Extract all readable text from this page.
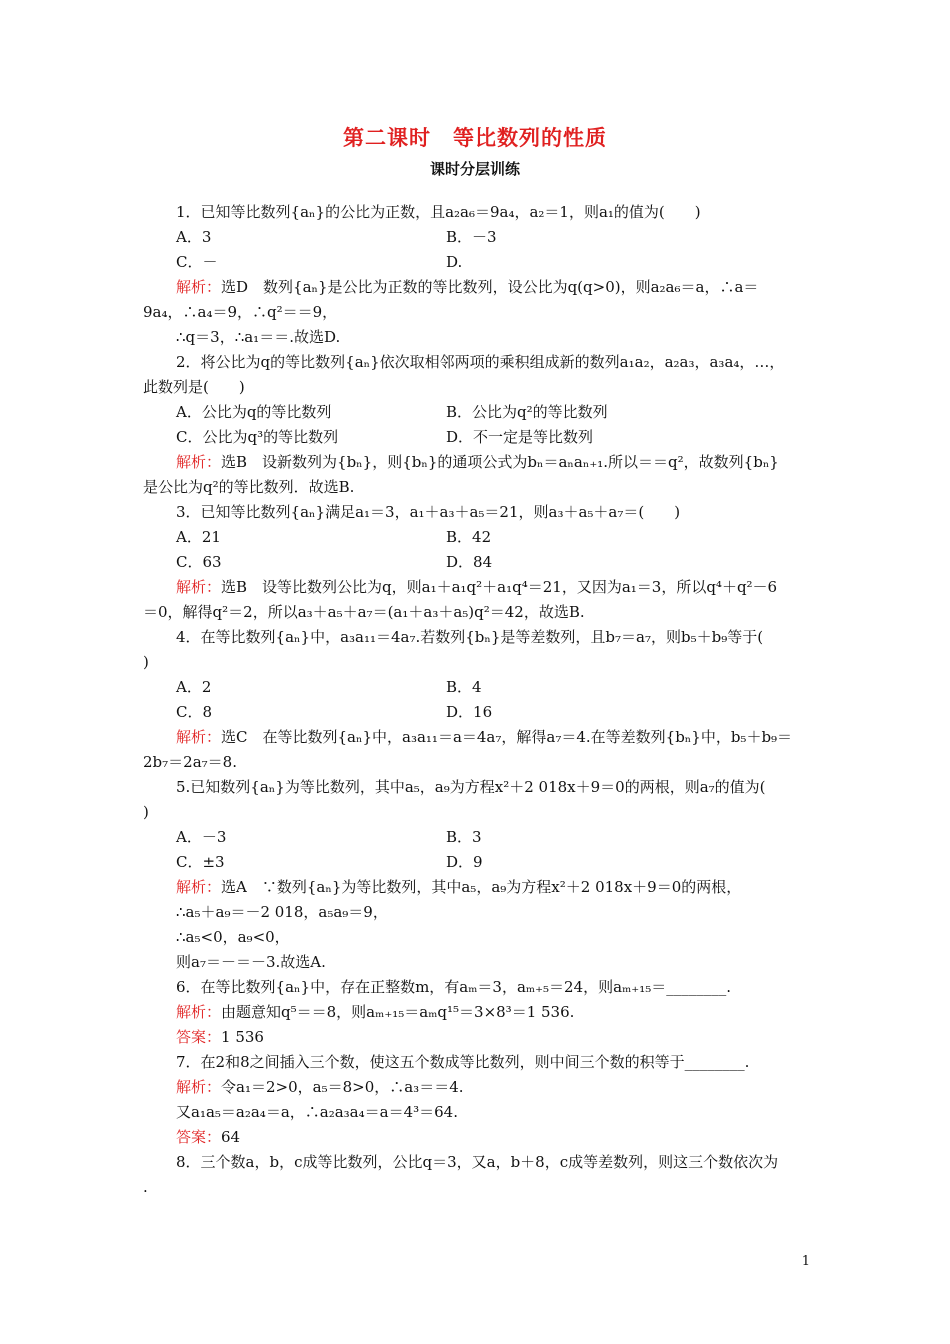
第二课时　等比数列的性质
课时分层训练
1．已知等比数列{aₙ}的公比为正数，且a₂a₆＝9a₄，a₂＝1，则a₁的值为(　　)
A．3	B．－3
C．－	D.
解析：选D　数列{aₙ}是公比为正数的等比数列，设公比为q(q>0)，则a₂a₆＝a，∴a＝
9a₄，∴a₄＝9，∴q²＝＝9，
∴q＝3，∴a₁＝＝.故选D.
2．将公比为q的等比数列{aₙ}依次取相邻两项的乘积组成新的数列a₁a₂，a₂a₃，a₃a₄，…，
此数列是(　　)
A．公比为q的等比数列	B．公比为q²的等比数列
C．公比为q³的等比数列	D．不一定是等比数列
解析：选B　设新数列为{bₙ}，则{bₙ}的通项公式为bₙ＝aₙaₙ₊₁.所以＝＝q²，故数列{bₙ}
是公比为q²的等比数列．故选B.
3．已知等比数列{aₙ}满足a₁＝3，a₁＋a₃＋a₅＝21，则a₃＋a₅＋a₇＝(　　)
A．21	B．42
C．63	D．84
解析：选B　设等比数列公比为q，则a₁＋a₁q²＋a₁q⁴＝21，又因为a₁＝3，所以q⁴＋q²－6
＝0，解得q²＝2，所以a₃＋a₅＋a₇＝(a₁＋a₃＋a₅)q²＝42，故选B.
4．在等比数列{aₙ}中，a₃a₁₁＝4a₇.若数列{bₙ}是等差数列，且b₇＝a₇，则b₅＋b₉等于(
)
A．2	B．4
C．8	D．16
解析：选C　在等比数列{aₙ}中，a₃a₁₁＝a＝4a₇，解得a₇＝4.在等差数列{bₙ}中，b₅＋b₉＝
2b₇＝2a₇＝8.
5.已知数列{aₙ}为等比数列，其中a₅，a₉为方程x²＋2 018x＋9＝0的两根，则a₇的值为(
)
A．－3	B．3
C．±3	D．9
解析：选A　∵数列{aₙ}为等比数列，其中a₅，a₉为方程x²＋2 018x＋9＝0的两根，
∴a₅＋a₉＝－2 018，a₅a₉＝9，
∴a₅<0，a₉<0，
则a₇＝－＝－3.故选A.
6．在等比数列{aₙ}中，存在正整数m，有aₘ＝3，aₘ₊₅＝24，则aₘ₊₁₅＝________.
解析：由题意知q⁵＝＝8，则aₘ₊₁₅＝aₘq¹⁵＝3×8³＝1 536.
答案：1 536
7．在2和8之间插入三个数，使这五个数成等比数列，则中间三个数的积等于________.
解析：令a₁＝2>0，a₅＝8>0，∴a₃＝＝4.
又a₁a₅＝a₂a₄＝a，∴a₂a₃a₄＝a＝4³＝64.
答案：64
8．三个数a，b，c成等比数列，公比q＝3，又a，b＋8，c成等差数列，则这三个数依次为
.
1
